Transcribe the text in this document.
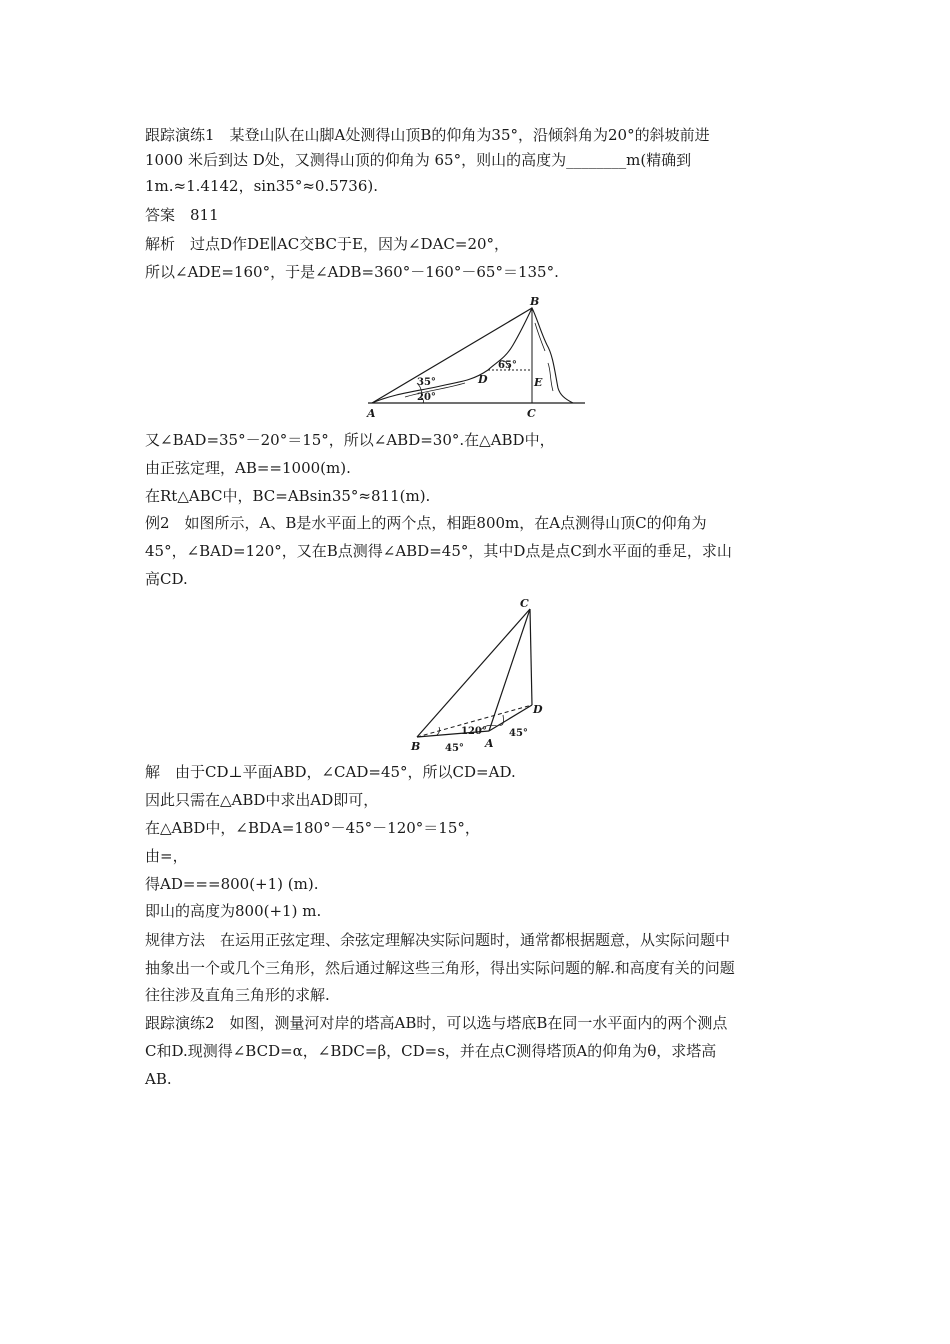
跟踪演练1　某登山队在山脚A处测得山顶B的仰角为35°，沿倾斜角为20°的斜坡前进
1000 米后到达 D处，又测得山顶的仰角为 65°，则山的高度为________m(精确到
1m.≈1.4142，sin35°≈0.5736).
答案　811
解析　过点D作DE∥AC交BC于E，因为∠DAC=20°，
所以∠ADE=160°，于是∠ADB=360°－160°－65°＝135°.
A
B
C
D	E
35°
20°
65°
又∠BAD=35°－20°＝15°，所以∠ABD=30°.在△ABD中，
由正弦定理，AB==1000(m).
在Rt△ABC中，BC=ABsin35°≈811(m).
例2　如图所示，A、B是水平面上的两个点，相距800m，在A点测得山顶C的仰角为
45°，∠BAD=120°，又在B点测得∠ABD=45°，其中D点是点C到水平面的垂足，求山
高CD.
C
D
B	A
120°
45°
45°
解　由于CD⊥平面ABD，∠CAD=45°，所以CD=AD.
因此只需在△ABD中求出AD即可，
在△ABD中，∠BDA=180°－45°－120°＝15°，
由=，
得AD===800(+1) (m).
即山的高度为800(+1) m.
规律方法　在运用正弦定理、余弦定理解决实际问题时，通常都根据题意，从实际问题中
抽象出一个或几个三角形，然后通过解这些三角形，得出实际问题的解.和高度有关的问题
往往涉及直角三角形的求解.
跟踪演练2　如图，测量河对岸的塔高AB时，可以选与塔底B在同一水平面内的两个测点
C和D.现测得∠BCD=α，∠BDC=β，CD=s，并在点C测得塔顶A的仰角为θ，求塔高
AB.
